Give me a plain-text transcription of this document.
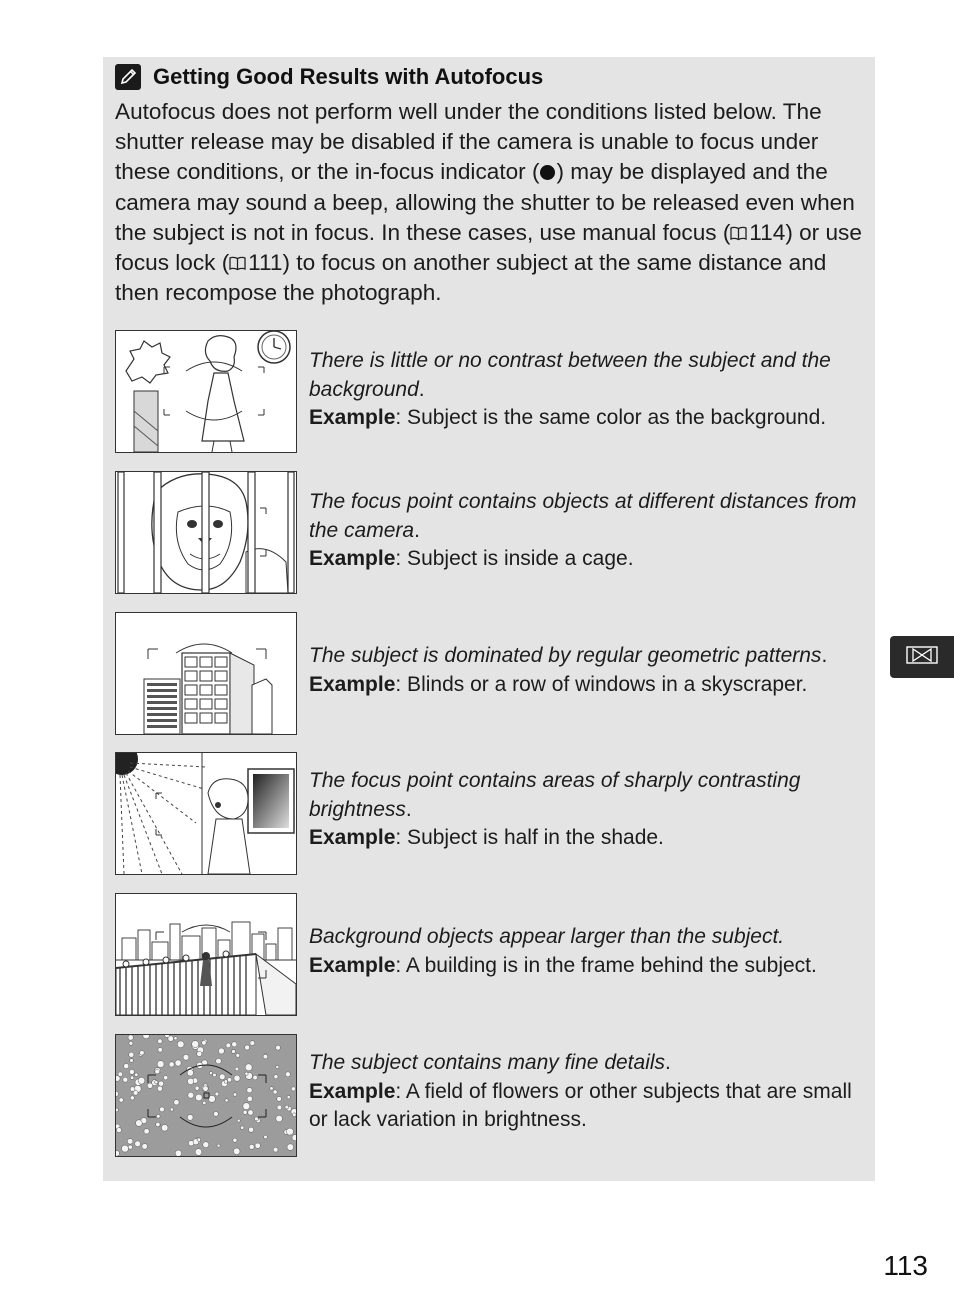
Getting Good Results with Autofocus
Autofocus does not perform well under the conditions listed below. The shutter release may be disabled if the camera is unable to focus under these conditions, or the in-focus indicator ( ) may be displayed and the camera may sound a beep, allowing the shutter to be released even when the subject is not in focus. In these cases, use manual focus (  114) or use focus lock (  111) to focus on another subject at the same distance and then recompose the photograph.
There is little or no contrast between the subject and the background.
Example: Subject is the same color as the background.
The focus point contains objects at different distances from the camera.
Example: Subject is inside a cage.
The subject is dominated by regular geometric patterns.
Example: Blinds or a row of windows in a skyscraper.
The focus point contains areas of sharply contrasting brightness.
Example: Subject is half in the shade.
Background objects appear larger than the subject.
Example: A building is in the frame behind the subject.
The subject contains many fine details.
Example: A field of flowers or other subjects that are small or lack variation in brightness.
113
